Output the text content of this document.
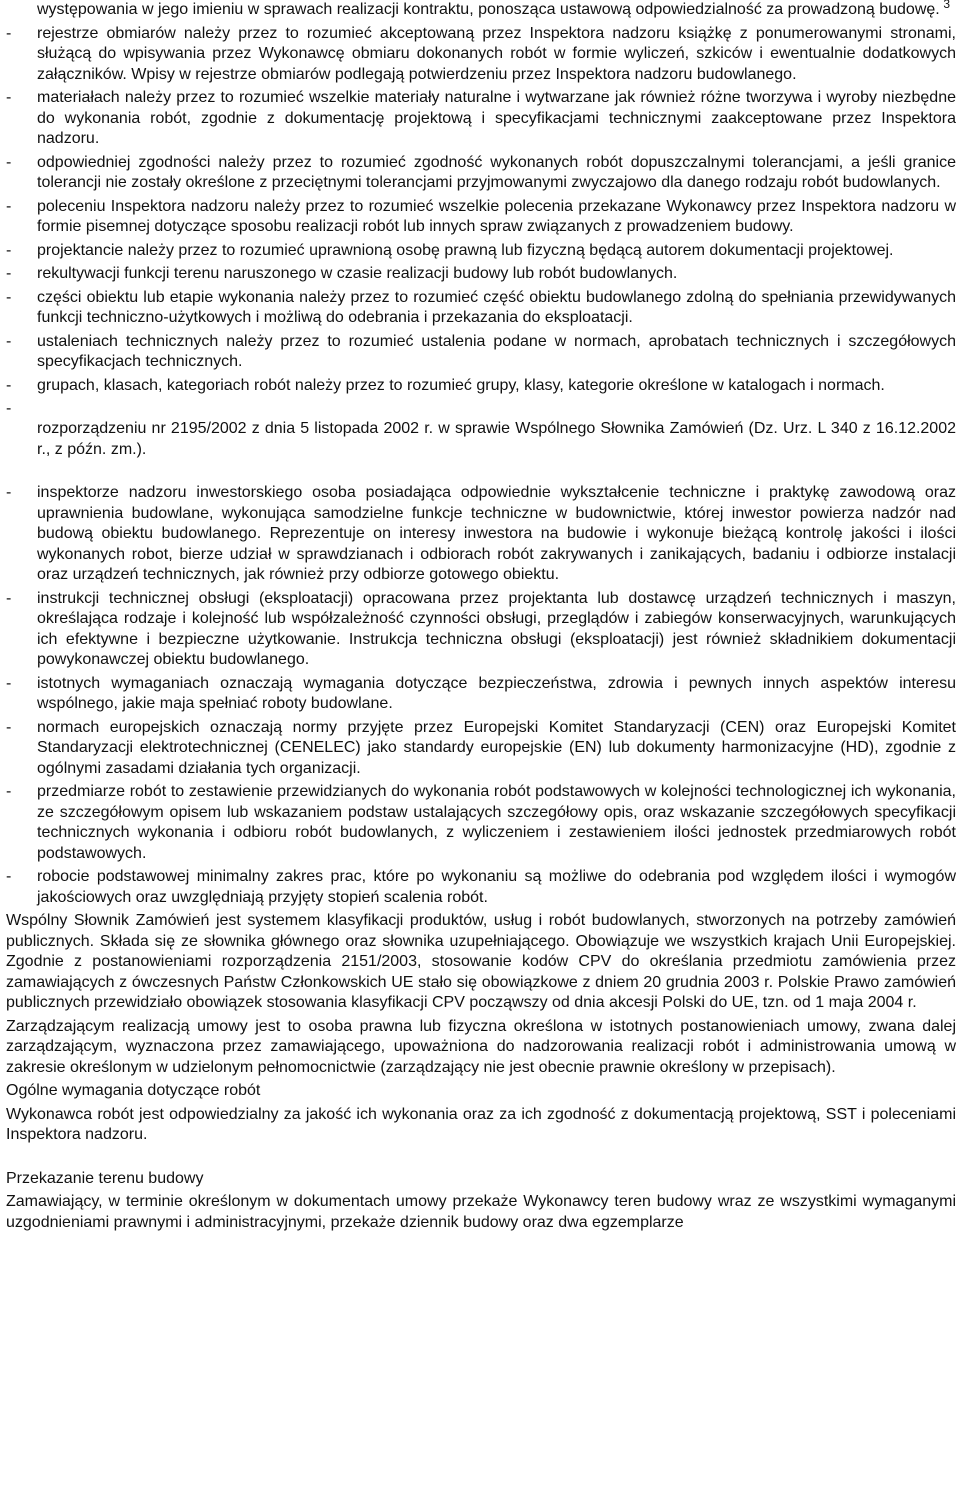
3
występowania w jego imieniu w sprawach realizacji kontraktu, ponosząca ustawową odpowiedzialność za prowadzoną budowę.
- rejestrze obmiarów należy przez to rozumieć akceptowaną przez Inspektora nadzoru książkę z ponumerowanymi stronami, służącą do wpisywania przez Wykonawcę obmiaru dokonanych robót w formie wyliczeń, szkiców i ewentualnie dodatkowych załączników. Wpisy w rejestrze obmiarów podlegają potwierdzeniu przez Inspektora nadzoru budowlanego.
- materiałach należy przez to rozumieć wszelkie materiały naturalne i wytwarzane jak również różne tworzywa i wyroby niezbędne do wykonania robót, zgodnie z dokumentację projektową i specyfikacjami technicznymi zaakceptowane przez Inspektora nadzoru.
- odpowiedniej zgodności należy przez to rozumieć zgodność wykonanych robót dopuszczalnymi tolerancjami, a jeśli granice tolerancji nie zostały określone z przeciętnymi tolerancjami przyjmowanymi zwyczajowo dla danego rodzaju robót budowlanych.
- poleceniu Inspektora nadzoru należy przez to rozumieć wszelkie polecenia przekazane Wykonawcy przez Inspektora nadzoru w formie pisemnej dotyczące sposobu realizacji robót lub innych spraw związanych z prowadzeniem budowy.
- projektancie należy przez to rozumieć uprawnioną osobę prawną lub fizyczną będącą autorem dokumentacji projektowej.
- rekultywacji funkcji terenu naruszonego w czasie realizacji budowy lub robót budowlanych.
- części obiektu lub etapie wykonania należy przez to rozumieć część obiektu budowlanego zdolną do spełniania przewidywanych funkcji techniczno-użytkowych i możliwą do odebrania i przekazania do eksploatacji.
- ustaleniach technicznych należy przez to rozumieć ustalenia podane w normach, aprobatach technicznych i szczegółowych specyfikacjach technicznych.
- grupach, klasach, kategoriach robót należy przez to rozumieć grupy, klasy, kategorie określone w katalogach i normach.
-
rozporządzeniu nr 2195/2002 z dnia 5 listopada 2002 r. w sprawie Wspólnego Słownika Zamówień (Dz. Urz. L 340 z 16.12.2002 r., z późn. zm.).
- inspektorze nadzoru inwestorskiego osoba posiadająca odpowiednie wykształcenie techniczne i praktykę zawodową oraz uprawnienia budowlane, wykonująca samodzielne funkcje techniczne w budownictwie, której inwestor powierza nadzór nad budową obiektu budowlanego. Reprezentuje on interesy inwestora na budowie i wykonuje bieżącą kontrolę jakości i ilości wykonanych robot, bierze udział w sprawdzianach i odbiorach robót zakrywanych i zanikających, badaniu i odbiorze instalacji oraz urządzeń technicznych, jak również przy odbiorze gotowego obiektu.
- instrukcji technicznej obsługi (eksploatacji) opracowana przez projektanta lub dostawcę urządzeń technicznych i maszyn, określająca rodzaje i kolejność lub współzależność czynności obsługi, przeglądów i zabiegów konserwacyjnych, warunkujących ich efektywne i bezpieczne użytkowanie. Instrukcja techniczna obsługi (eksploatacji) jest również składnikiem dokumentacji powykonawczej obiektu budowlanego.
- istotnych wymaganiach oznaczają wymagania dotyczące bezpieczeństwa, zdrowia i pewnych innych aspektów interesu wspólnego, jakie maja spełniać roboty budowlane.
- normach europejskich oznaczają normy przyjęte przez Europejski Komitet Standaryzacji (CEN) oraz Europejski Komitet Standaryzacji elektrotechnicznej (CENELEC) jako standardy europejskie (EN) lub dokumenty harmonizacyjne (HD), zgodnie z ogólnymi zasadami działania tych organizacji.
- przedmiarze robót to zestawienie przewidzianych do wykonania robót podstawowych w kolejności technologicznej ich wykonania, ze szczegółowym opisem lub wskazaniem podstaw ustalających szczegółowy opis, oraz wskazanie szczegółowych specyfikacji technicznych wykonania i odbioru robót budowlanych, z wyliczeniem i zestawieniem ilości jednostek przedmiarowych robót podstawowych.
- robocie podstawowej minimalny zakres prac, które po wykonaniu są możliwe do odebrania pod względem ilości i wymogów jakościowych oraz uwzględniają przyjęty stopień scalenia robót.

Wspólny Słownik Zamówień jest systemem klasyfikacji produktów, usług i robót budowlanych, stworzonych na potrzeby zamówień publicznych. Składa się ze słownika głównego oraz słownika uzupełniającego. Obowiązuje we wszystkich krajach Unii Europejskiej. Zgodnie z postanowieniami rozporządzenia 2151/2003, stosowanie kodów CPV do określania przedmiotu zamówienia przez zamawiających z ówczesnych Państw Członkowskich UE stało się obowiązkowe z dniem 20 grudnia 2003 r. Polskie Prawo zamówień publicznych przewidziało obowiązek stosowania klasyfikacji CPV począwszy od dnia akcesji Polski do UE, tzn. od 1 maja 2004 r.

Zarządzającym realizacją umowy jest to osoba prawna lub fizyczna określona w istotnych postanowieniach umowy, zwana dalej zarządzającym, wyznaczona przez zamawiającego, upoważniona do nadzorowania realizacji robót i administrowania umową w zakresie określonym w udzielonym pełnomocnictwie (zarządzający nie jest obecnie prawnie określony w przepisach).

Ogólne wymagania dotyczące robót

Wykonawca robót jest odpowiedzialny za jakość ich wykonania oraz za ich zgodność z dokumentacją projektową, SST i poleceniami Inspektora nadzoru.

Przekazanie terenu budowy

Zamawiający, w terminie określonym w dokumentach umowy przekaże Wykonawcy teren budowy wraz ze wszystkimi wymaganymi uzgodnieniami prawnymi i administracyjnymi, przekaże dziennik budowy oraz dwa egzemplarze
